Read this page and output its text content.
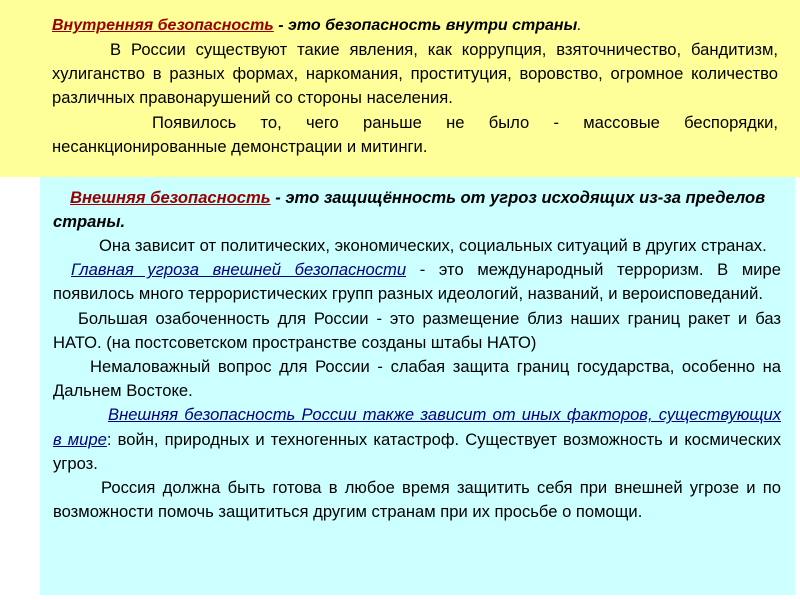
Внутренняя безопасность - это безопасность внутри страны.

В России существуют такие явления, как коррупция, взяточничество, бандитизм, хулиганство в разных формах, наркомания, проституция, воровство, огромное количество различных правонарушений со стороны населения.

Появилось то, чего раньше не было - массовые беспорядки, несанкционированные демонстрации и митинги.

Внешняя безопасность - это защищённость от угроз исходящих из-за пределов страны.

Она зависит от политических, экономических, социальных ситуаций в других странах.

Главная угроза внешней безопасности - это международный терроризм. В мире появилось много террористических групп разных идеологий, названий, и вероисповеданий.

Большая озабоченность для России - это размещение близ наших границ ракет и баз НАТО. (на постсоветском пространстве созданы штабы НАТО)

Немаловажный вопрос для России - слабая защита границ государства, особенно на Дальнем Востоке.

Внешняя безопасность России также зависит от иных факторов, существующих в мире: войн, природных и техногенных катастроф. Существует возможность и космических угроз.

Россия должна быть готова в любое время защитить себя при внешней угрозе и по возможности помочь защититься другим странам при их просьбе о помощи.
